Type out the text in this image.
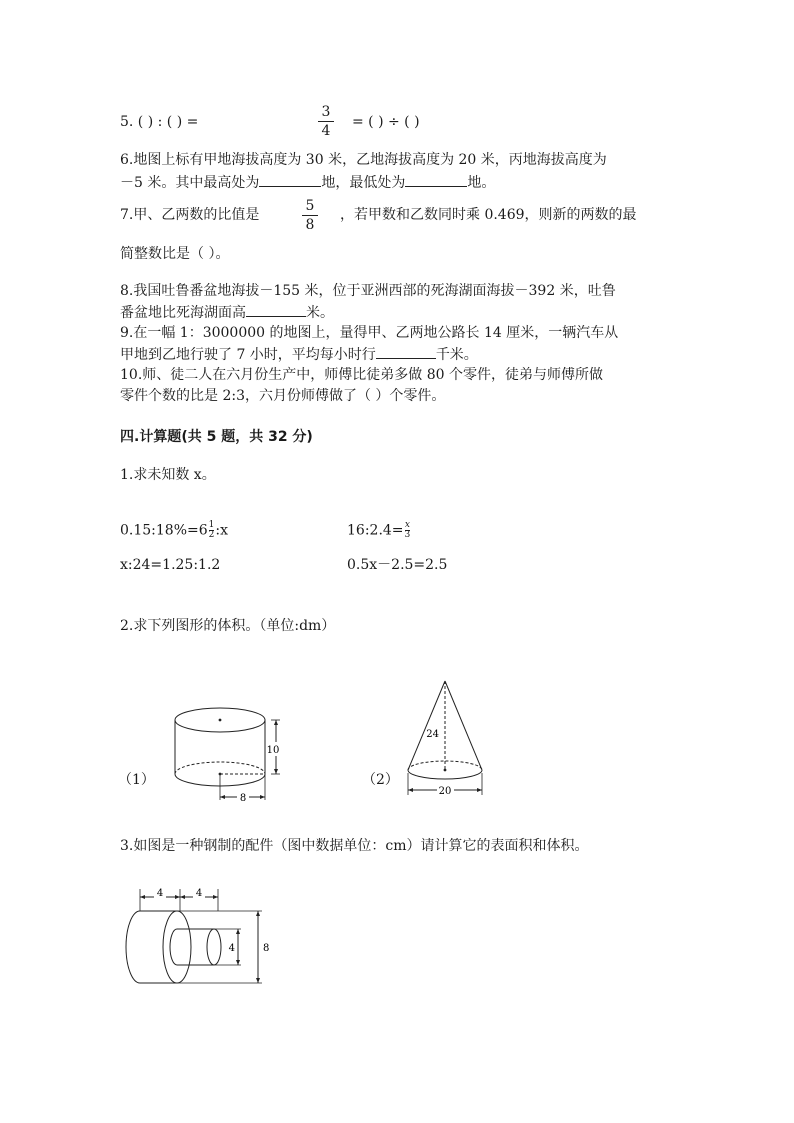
5. ( ) : ( ) =
3
4
= ( ) ÷ ( )
6.地图上标有甲地海拔高度为 30 米，乙地海拔高度为 20 米，丙地海拔高度为
－5 米。其中最高处为	地，最低处为	地。
7.甲、乙两数的比值是
5
8
，若甲数和乙数同时乘 0.469，则新的两数的最
简整数比是（ ）。
8.我国吐鲁番盆地海拔－155 米，位于亚洲西部的死海湖面海拔－392 米，吐鲁
番盆地比死海湖面高	米。
9.在一幅 1：3000000 的地图上，量得甲、乙两地公路长 14 厘米，一辆汽车从
甲地到乙地行驶了 7 小时，平均每小时行	千米。
10.师、徒二人在六月份生产中，师傅比徒弟多做 80 个零件，徒弟与师傅所做
零件个数的比是 2:3，六月份师傅做了（ ）个零件。
四.计算题(共 5 题，共 32 分)
1.求未知数 x。
$0.15:18\%=6\frac{1}{2}:x$	$16:2.4=\frac{x}{3}$
x:24=1.25:1.2	0.5x－2.5=2.5
2.求下列图形的体积。（单位:dm）
（1）
10
8
（2）
24
20
3.如图是一种钢制的配件（图中数据单位：cm）请计算它的表面积和体积。
4	4
4	8
